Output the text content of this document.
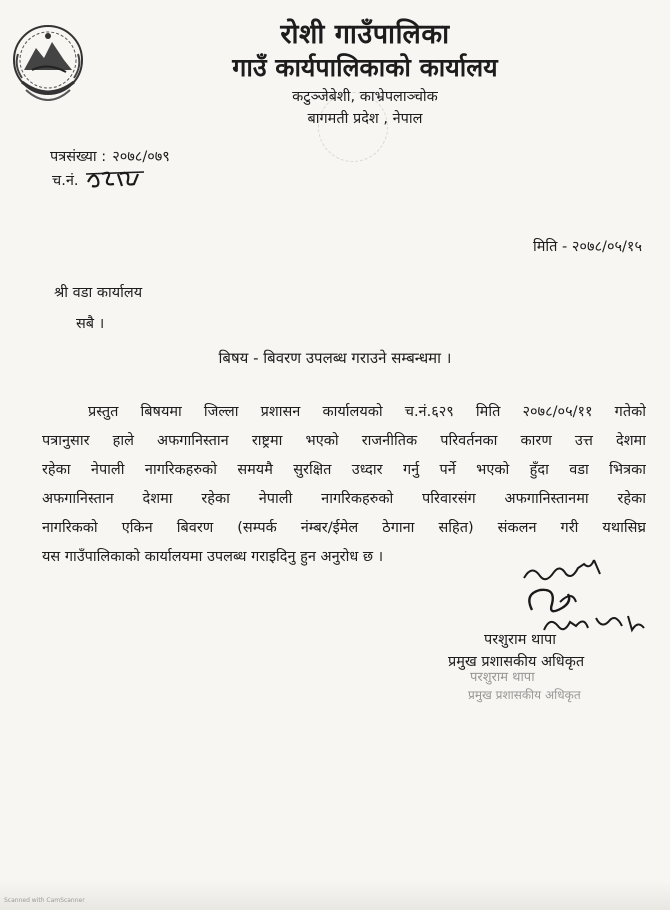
रोशी गाउँपालिका
गाउँ कार्यपालिकाको कार्यालय
कटुञ्जेबेशी, काभ्रेपलाञ्चोक
बागमती प्रदेश , नेपाल
पत्रसंख्या : २०७८/०७९
च.नं.
मिति - २०७८/०५/१५
श्री वडा कार्यालय
सबै ।
बिषय - बिवरण उपलब्ध गराउने सम्बन्धमा ।
प्रस्तुत बिषयमा जिल्ला प्रशासन कार्यालयको च.नं.६२९ मिति २०७८/०५/११ गतेको
पत्रानुसार हाले अफगानिस्तान राष्ट्रमा भएको राजनीतिक परिवर्तनका कारण उत्त देशमा
रहेका नेपाली नागरिकहरुको समयमै सुरक्षित उध्दार गर्नु पर्ने भएको हुँदा वडा भित्रका
अफगानिस्तान देशमा रहेका नेपाली नागरिकहरुको परिवारसंग अफगानिस्तानमा रहेका
नागरिकको एकिन बिवरण (सम्पर्क नंम्बर/ईमेल ठेगाना सहित) संकलन गरी यथासिघ्र
यस गाउँपालिकाको कार्यालयमा उपलब्ध गराइदिनु हुन अनुरोध छ ।
परशुराम थापा
प्रमुख प्रशासकीय अधिकृत
परशुराम थापा
प्रमुख प्रशासकीय अधिकृत
Scanned with CamScanner
